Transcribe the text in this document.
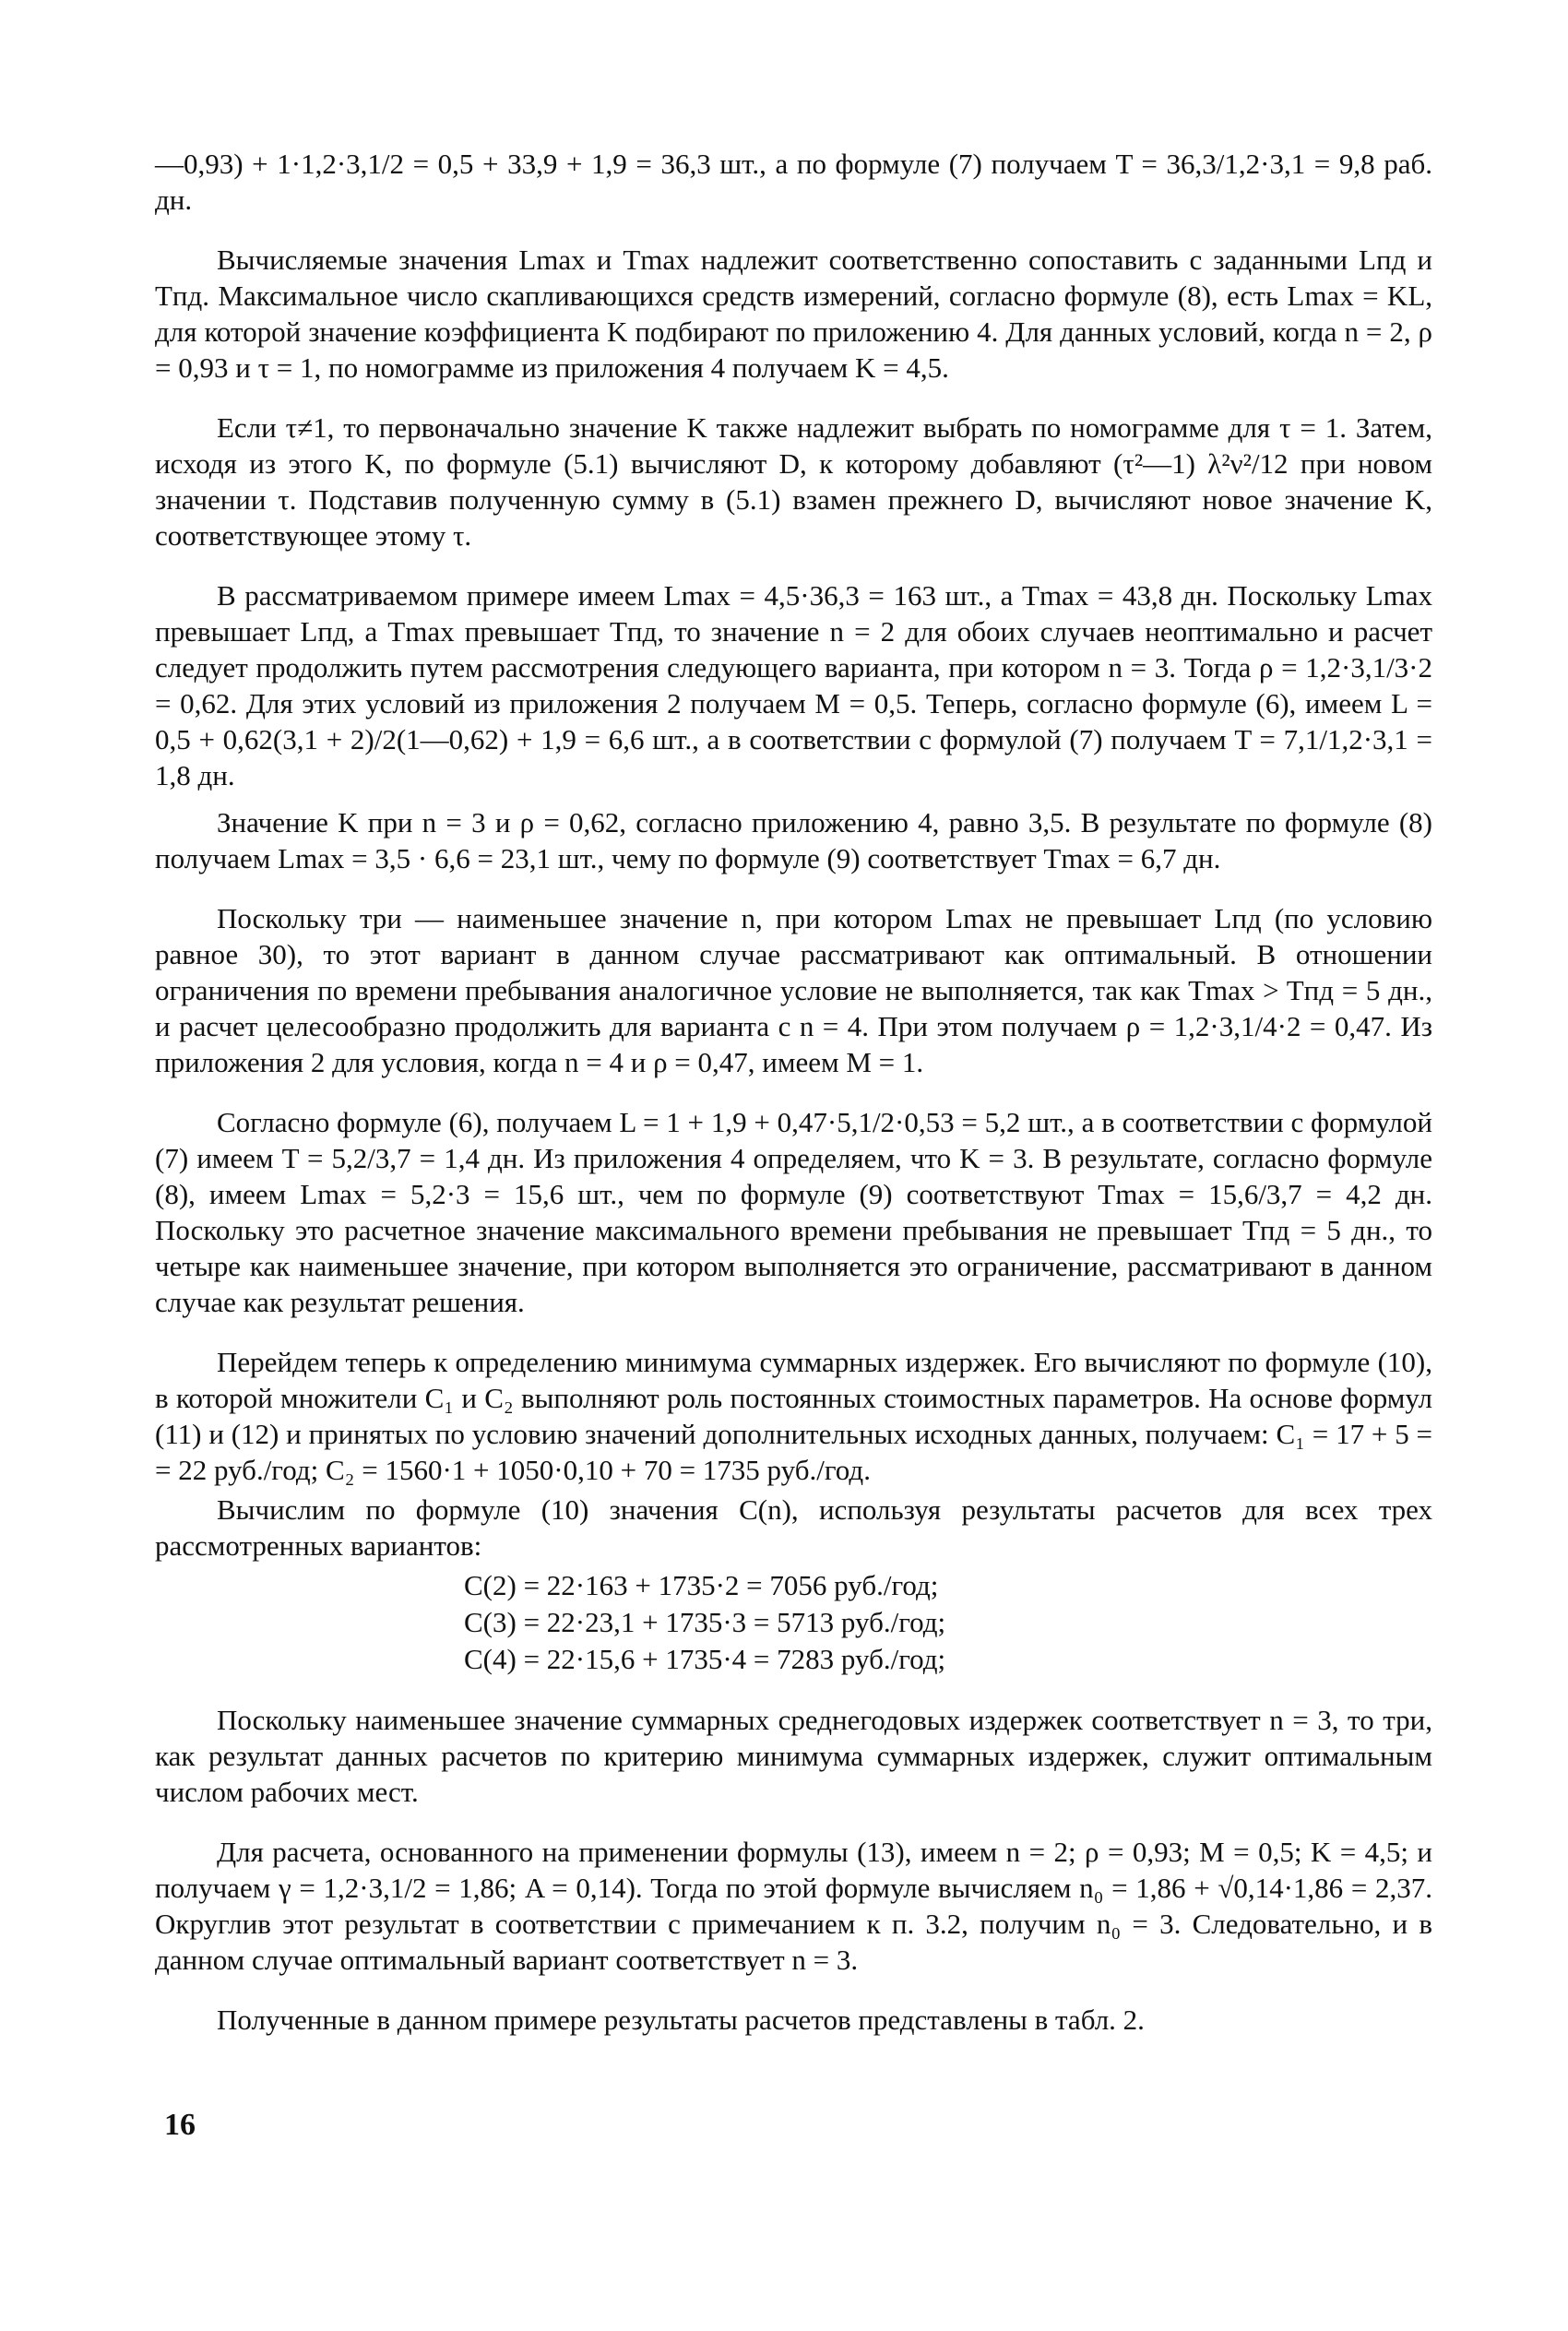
—0,93) + 1·1,2·3,1/2 = 0,5 + 33,9 + 1,9 = 36,3 шт., а по формуле (7) получаем T = 36,3/1,2·3,1 = 9,8 раб. дн.

Вычисляемые значения Lmax и Tmax надлежит соответственно сопоставить с заданными Lпд и Tпд. Максимальное число скапливающихся средств измерений, согласно формуле (8), есть Lmax = KL, для которой значение коэффициента K подбирают по приложению 4. Для данных условий, когда n = 2, ρ = 0,93 и τ = 1, по номограмме из приложения 4 получаем K = 4,5.

Если τ≠1, то первоначально значение K также надлежит выбрать по номограмме для τ = 1. Затем, исходя из этого K, по формуле (5.1) вычисляют D, к которому добавляют (τ²—1) λ²ν²/12 при новом значении τ. Подставив полученную сумму в (5.1) взамен прежнего D, вычисляют новое значение K, соответствующее этому τ.

В рассматриваемом примере имеем Lmax = 4,5·36,3 = 163 шт., а Tmax = 43,8 дн. Поскольку Lmax превышает Lпд, а Tmax превышает Tпд, то значение n = 2 для обоих случаев неоптимально и расчет следует продолжить путем рассмотрения следующего варианта, при котором n = 3. Тогда ρ = 1,2·3,1/3·2 = 0,62. Для этих условий из приложения 2 получаем M = 0,5. Теперь, согласно формуле (6), имеем L = 0,5 + 0,62(3,1 + 2)/2(1—0,62) + 1,9 = 6,6 шт., а в соответствии с формулой (7) получаем T = 7,1/1,2·3,1 = 1,8 дн.

Значение K при n = 3 и ρ = 0,62, согласно приложению 4, равно 3,5. В результате по формуле (8) получаем Lmax = 3,5 · 6,6 = 23,1 шт., чему по формуле (9) соответствует Tmax = 6,7 дн.

Поскольку три — наименьшее значение n, при котором Lmax не превышает Lпд (по условию равное 30), то этот вариант в данном случае рассматривают как оптимальный. В отношении ограничения по времени пребывания аналогичное условие не выполняется, так как Tmax > Tпд = 5 дн., и расчет целесообразно продолжить для варианта с n = 4. При этом получаем ρ = 1,2·3,1/4·2 = 0,47. Из приложения 2 для условия, когда n = 4 и ρ = 0,47, имеем M = 1.

Согласно формуле (6), получаем L = 1 + 1,9 + 0,47·5,1/2·0,53 = 5,2 шт., а в соответствии с формулой (7) имеем T = 5,2/3,7 = 1,4 дн. Из приложения 4 определяем, что K = 3. В результате, согласно формуле (8), имеем Lmax = 5,2·3 = 15,6 шт., чем по формуле (9) соответствуют Tmax = 15,6/3,7 = 4,2 дн. Поскольку это расчетное значение максимального времени пребывания не превышает Tпд = 5 дн., то четыре как наименьшее значение, при котором выполняется это ограничение, рассматривают в данном случае как результат решения.

Перейдем теперь к определению минимума суммарных издержек. Его вычисляют по формуле (10), в которой множители C₁ и C₂ выполняют роль постоянных стоимостных параметров. На основе формул (11) и (12) и принятых по условию значений дополнительных исходных данных, получаем: C₁ = 17 + 5 = = 22 руб./год; C₂ = 1560·1 + 1050·0,10 + 70 = 1735 руб./год.

Вычислим по формуле (10) значения C(n), используя результаты расчетов для всех трех рассмотренных вариантов:

C(2) = 22·163 + 1735·2 = 7056 руб./год;
C(3) = 22·23,1 + 1735·3 = 5713 руб./год;
C(4) = 22·15,6 + 1735·4 = 7283 руб./год;

Поскольку наименьшее значение суммарных среднегодовых издержек соответствует n = 3, то три, как результат данных расчетов по критерию минимума суммарных издержек, служит оптимальным числом рабочих мест.

Для расчета, основанного на применении формулы (13), имеем n = 2; ρ = 0,93; M = 0,5; K = 4,5; и получаем γ = 1,2·3,1/2 = 1,86; A = 0,14). Тогда по этой формуле вычисляем n₀ = 1,86 + √0,14·1,86 = 2,37. Округлив этот результат в соответствии с примечанием к п. 3.2, получим n₀ = 3. Следовательно, и в данном случае оптимальный вариант соответствует n = 3.

Полученные в данном примере результаты расчетов представлены в табл. 2.

16
